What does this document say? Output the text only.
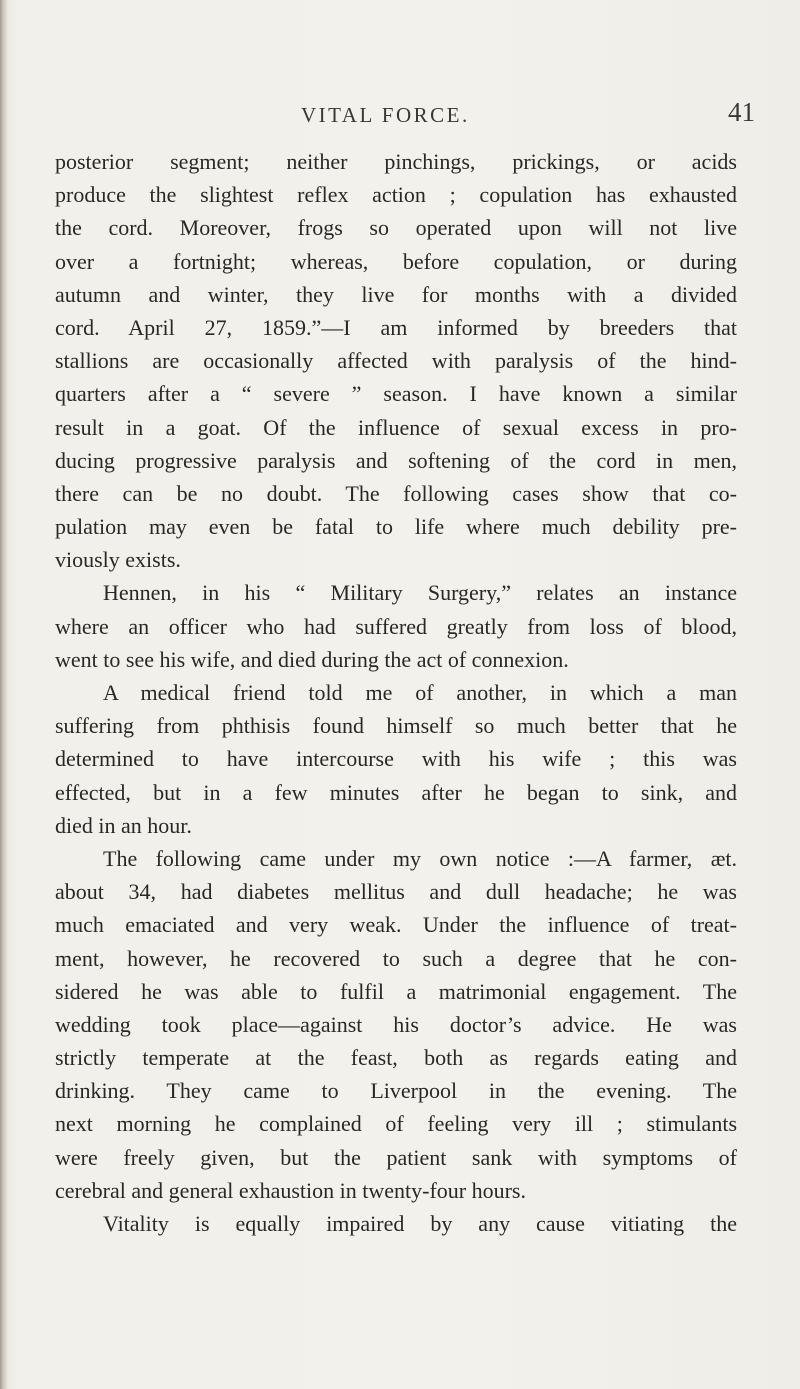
VITAL FORCE.	41
posterior segment; neither pinchings, prickings, or acids
produce the slightest reflex action ; copulation has exhausted
the cord. Moreover, frogs so operated upon will not live
over a fortnight; whereas, before copulation, or during
autumn and winter, they live for months with a divided
cord. April 27, 1859.”—I am informed by breeders that
stallions are occasionally affected with paralysis of the hind-
quarters after a “ severe ” season. I have known a similar
result in a goat. Of the influence of sexual excess in pro-
ducing progressive paralysis and softening of the cord in men,
there can be no doubt. The following cases show that co-
pulation may even be fatal to life where much debility pre-
viously exists.
Hennen, in his “ Military Surgery,” relates an instance
where an officer who had suffered greatly from loss of blood,
went to see his wife, and died during the act of connexion.
A medical friend told me of another, in which a man
suffering from phthisis found himself so much better that he
determined to have intercourse with his wife ; this was
effected, but in a few minutes after he began to sink, and
died in an hour.
The following came under my own notice :—A farmer, æt.
about 34, had diabetes mellitus and dull headache; he was
much emaciated and very weak. Under the influence of treat-
ment, however, he recovered to such a degree that he con-
sidered he was able to fulfil a matrimonial engagement. The
wedding took place—against his doctor’s advice. He was
strictly temperate at the feast, both as regards eating and
drinking. They came to Liverpool in the evening. The
next morning he complained of feeling very ill ; stimulants
were freely given, but the patient sank with symptoms of
cerebral and general exhaustion in twenty-four hours.
Vitality is equally impaired by any cause vitiating the
